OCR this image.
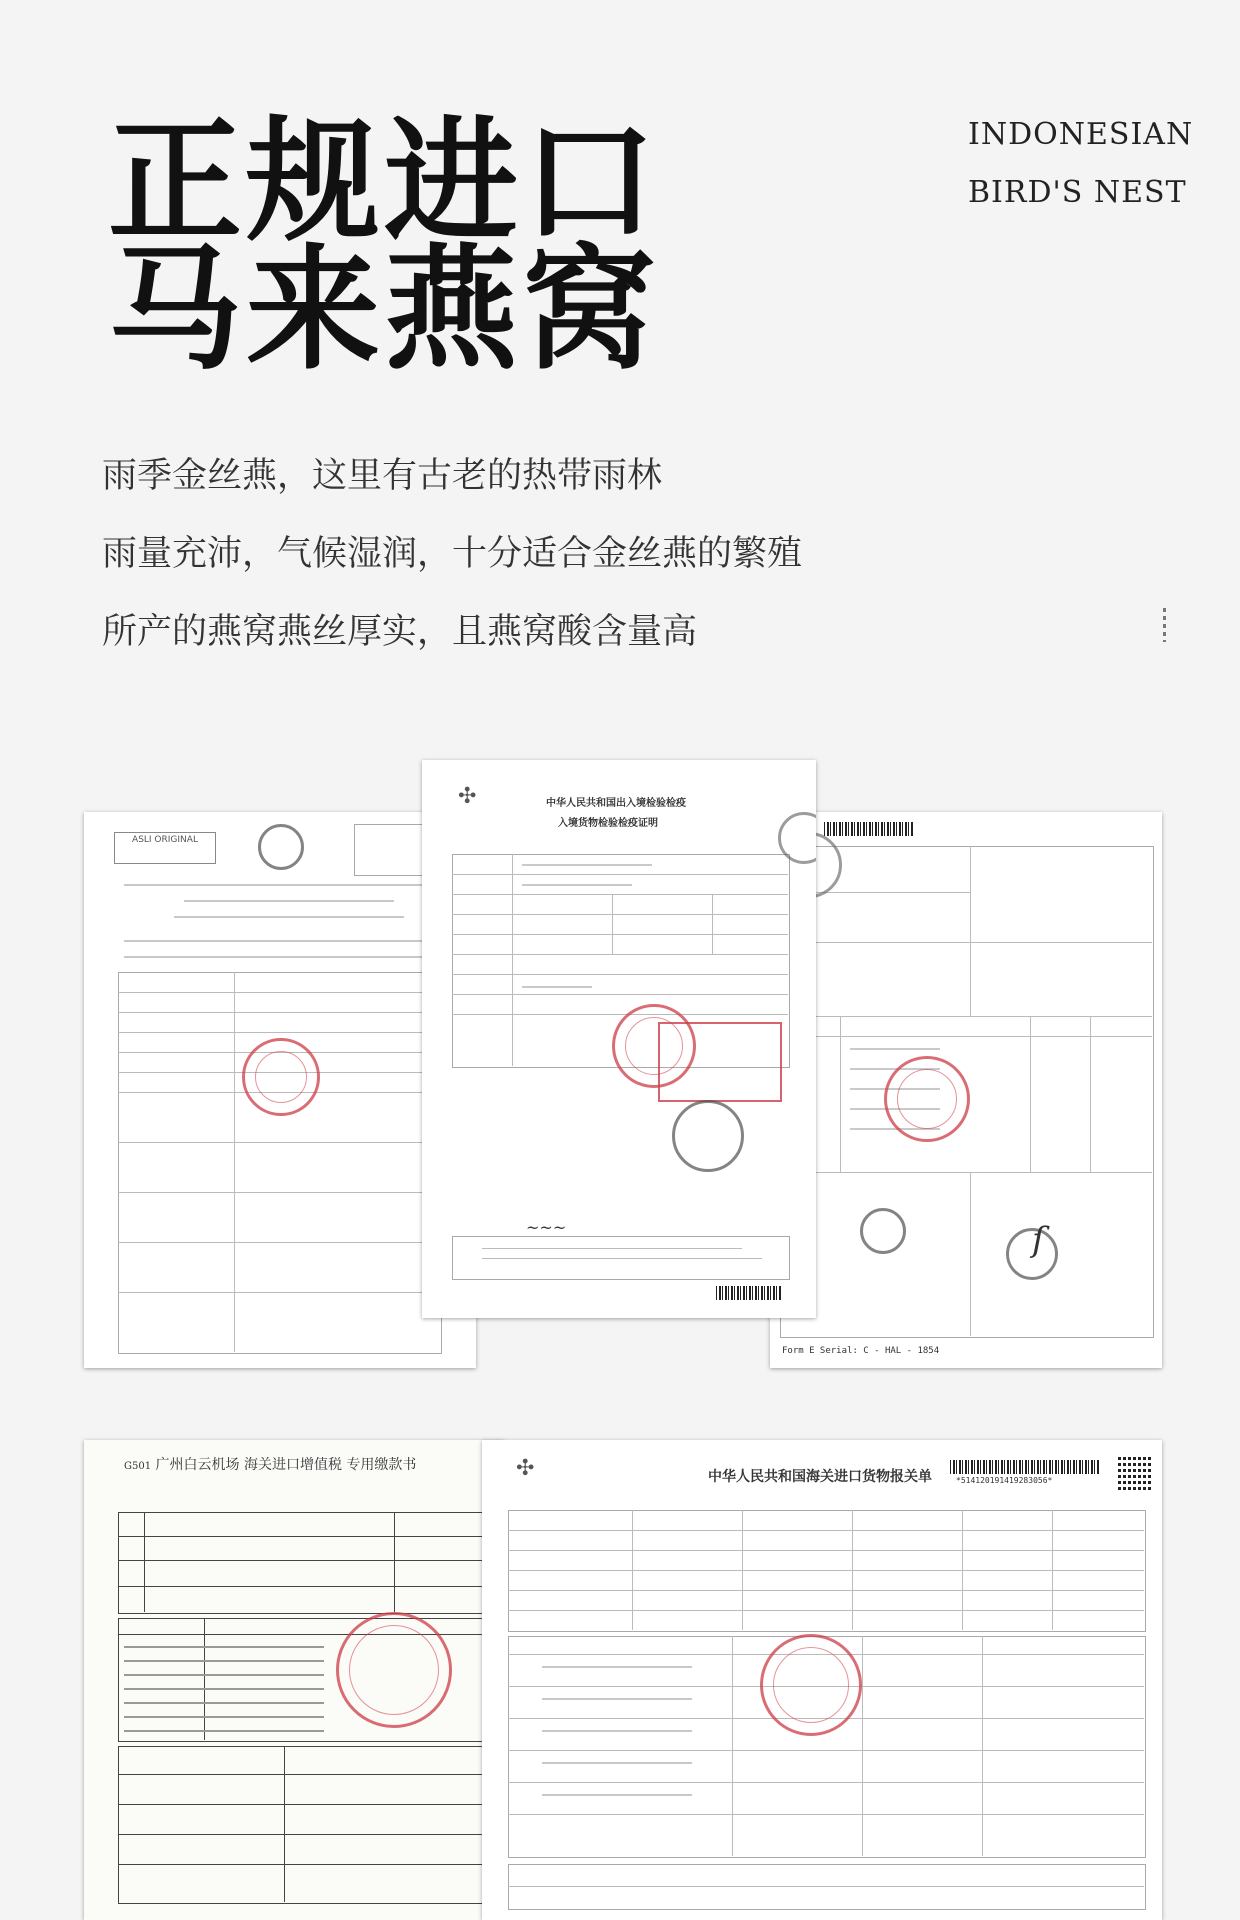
正规进口
马来燕窝
INDONESIAN
BIRD'S NEST
雨季金丝燕，这里有古老的热带雨林
雨量充沛，气候湿润，十分适合金丝燕的繁殖
所产的燕窝燕丝厚实，且燕窝酸含量高
ASLI ORIGINAL
ſ
Form E Serial: C - HAL - 1854
✣	中华人民共和国出入境检验检疫
入境货物检验检疫证明
~~~
G501 广州白云机场 海关进口增值税 专用缴款书	✣	中华人民共和国海关进口货物报关单	*514120191419283056*
